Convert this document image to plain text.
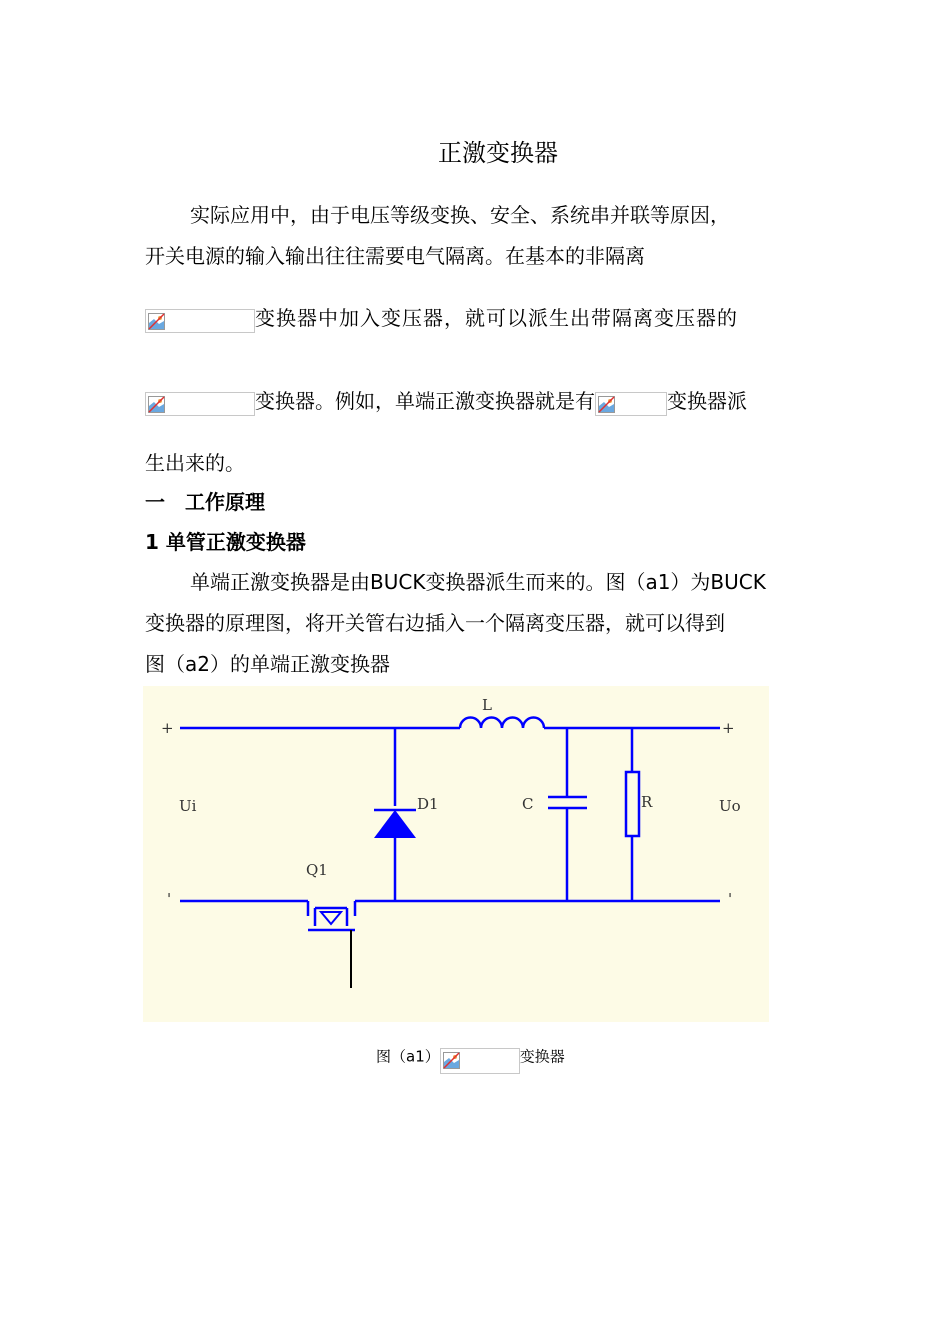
正激变换器
实际应用中，由于电压等级变换、安全、系统串并联等原因，
开关电源的输入输出往往需要电气隔离。在基本的非隔离
变换器中加入变压器，就可以派生出带隔离变压器的
变换器。例如，单端正激变换器就是有	变换器派
生出来的。
一　工作原理
1 单管正激变换器
单端正激变换器是由BUCK变换器派生而来的。图（a1）为BUCK
变换器的原理图，将开关管右边插入一个隔离变压器，就可以得到
图（a2）的单端正激变换器
+	+
'	'
Ui	Uo
L
D1	C	R
Q1
图（a1）	变换器
